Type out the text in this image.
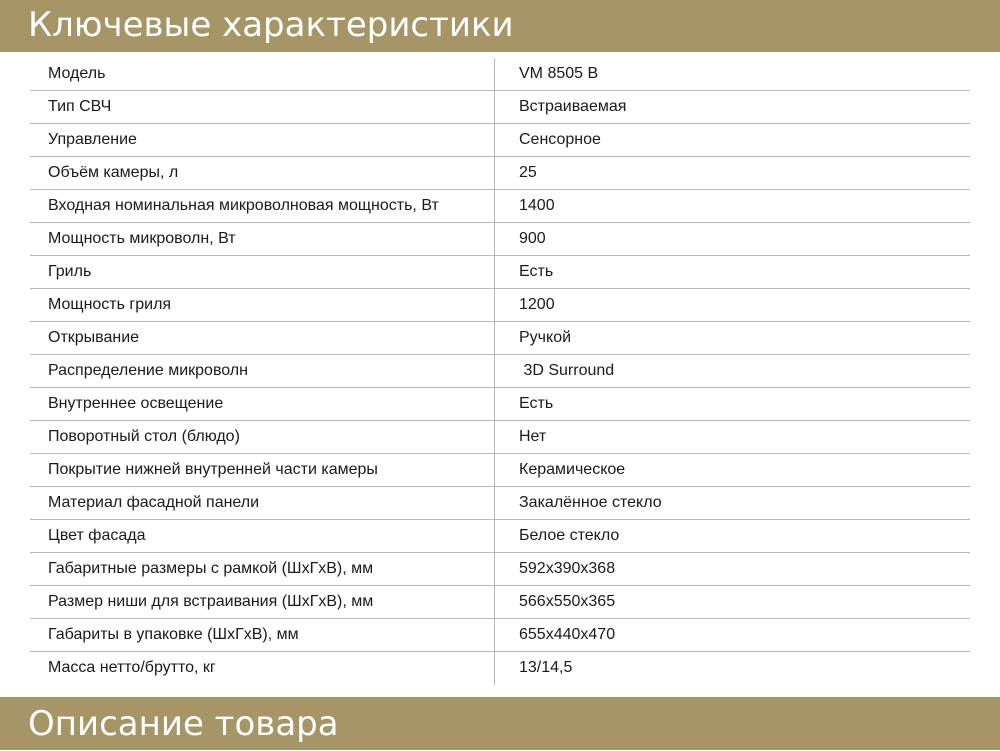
Ключевые характеристики
Модель	VM 8505 B
Тип СВЧ	Встраиваемая
Управление	Сенсорное
Объём камеры, л	25
Входная номинальная микроволновая мощность, Вт	1400
Мощность микроволн, Вт	900
Гриль	Есть
Мощность гриля	1200
Открывание	Ручкой
Распределение микроволн	3D Surround
Внутреннее освещение	Есть
Поворотный стол (блюдо)	Нет
Покрытие нижней внутренней части камеры	Керамическое
Материал фасадной панели	Закалённое стекло
Цвет фасада	Белое стекло
Габаритные размеры с рамкой (ШхГхВ), мм	592х390х368
Размер ниши для встраивания (ШхГхВ), мм	566х550х365
Габариты в упаковке (ШхГхВ), мм	655х440х470
Масса нетто/брутто, кг	13/14,5
Описание товара
